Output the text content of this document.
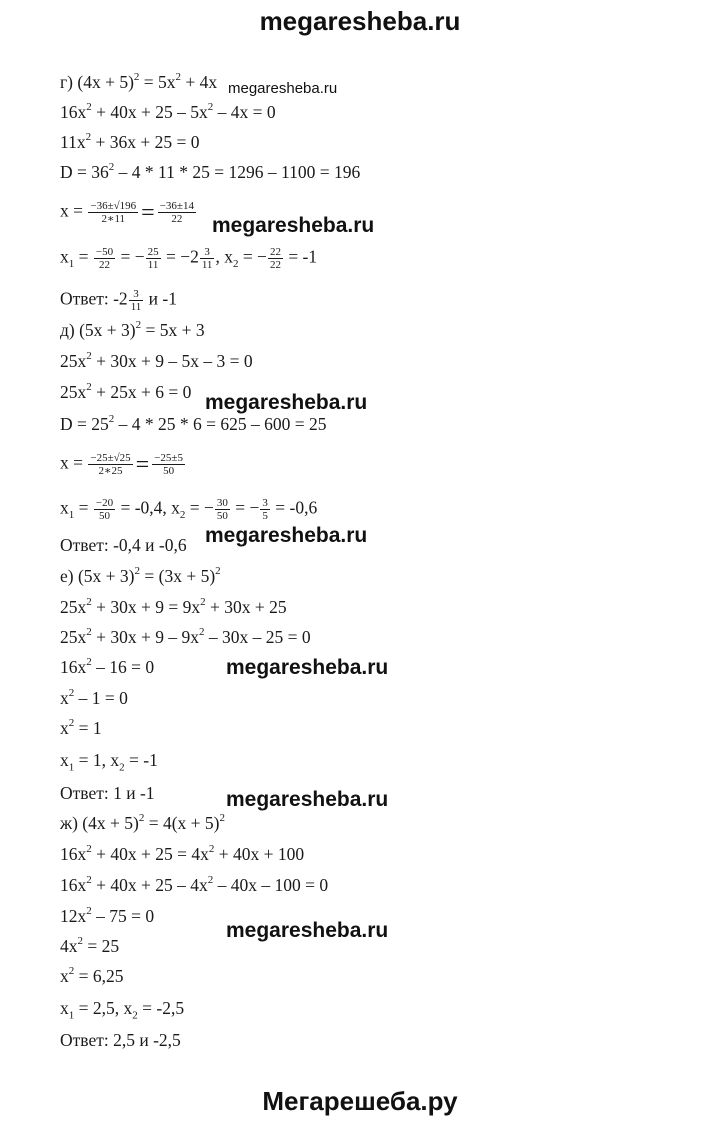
megaresheba.ru
megaresheba.ru
megaresheba.ru
megaresheba.ru
megaresheba.ru
megaresheba.ru
megaresheba.ru
megaresheba.ru
г) $(4x + 5)^2 = 5x^2 + 4x$
$16x^2 + 40x + 25 - 5x^2 - 4x = 0$
$11x^2 + 36x + 25 = 0$
$D = 36^2 - 4 * 11 * 25 = 1296 - 1100 = 196$
$x = \frac{-36\pm√196}{2∗11} = \frac{-36\pm 14}{22}$
$x_1 = \frac{-50}{22}$ = − $\frac{25}{11} = -2 \frac{3}{11}$ , $x_2$ = − $\frac{22}{22} = -1$
Ответ: $-2 \frac{3}{11}$ и -1
д) $(5x + 3)^2 = 5x + 3$
$25x^2 + 30x + 9 - 5x - 3 = 0$
$25x^2 + 25x + 6 = 0$
$D = 25^2 - 4 * 25 * 6 = 625 - 600 = 25$
$x = \frac{-25\pm√25}{2∗25} = \frac{-25\pm 5}{50}$
$x_1 = \frac{-20}{50} = -0,4$, $x_2$ = − $\frac{30}{50}$ = − $\frac{3}{5} = -0,6$
Ответ: -0,4 и -0,6
е) $(5x + 3)^2 = (3x + 5)^2$
$25x^2 + 30x + 9 = 9x^2 + 30x + 25$
$25x^2 + 30x + 9 - 9x^2 - 30x - 25 = 0$
$16x^2 - 16 = 0$
$x^2 - 1 = 0$
$x^2 = 1$
$x_1 = 1$, $x_2 = -1$
Ответ: 1 и -1
ж) $(4x + 5)^2 = 4(x + 5)^2$
$16x^2 + 40x + 25 = 4x^2 + 40x + 100$
$16x^2 + 40x + 25 - 4x^2 - 40x - 100 = 0$
$12x^2 - 75 = 0$
$4x^2 = 25$
$x^2 = 6,25$
$x_1 = 2,5$, $x_2 = -2,5$
Ответ: 2,5 и -2,5
Мегарешеба.ру
